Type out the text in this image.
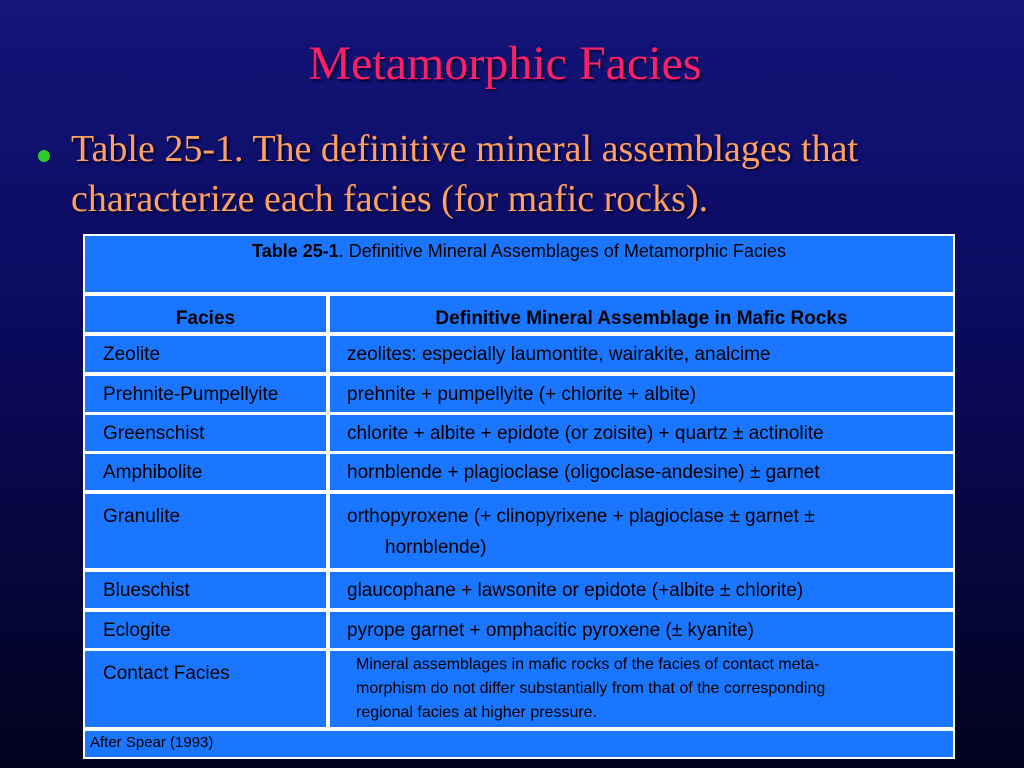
Metamorphic Facies
Table 25-1. The definitive mineral assemblages that characterize each facies (for mafic rocks).
Table 25-1. Definitive Mineral Assemblages of Metamorphic Facies
Facies	Definitive Mineral Assemblage in Mafic Rocks
Zeolite	zeolites: especially laumontite, wairakite, analcime
Prehnite-Pumpellyite	prehnite + pumpellyite (+ chlorite + albite)
Greenschist	chlorite + albite + epidote (or zoisite) + quartz ± actinolite
Amphibolite	hornblende + plagioclase (oligoclase-andesine) ± garnet
Granulite	orthopyroxene (+ clinopyrixene + plagioclase ± garnet ±
hornblende)
Blueschist	glaucophane + lawsonite or epidote (+albite ± chlorite)
Eclogite	pyrope garnet + omphacitic pyroxene (± kyanite)
Contact Facies	Mineral assemblages in mafic rocks of the facies of contact meta-
morphism do not differ substantially from that of the corresponding
regional facies at higher pressure.
After Spear (1993)
